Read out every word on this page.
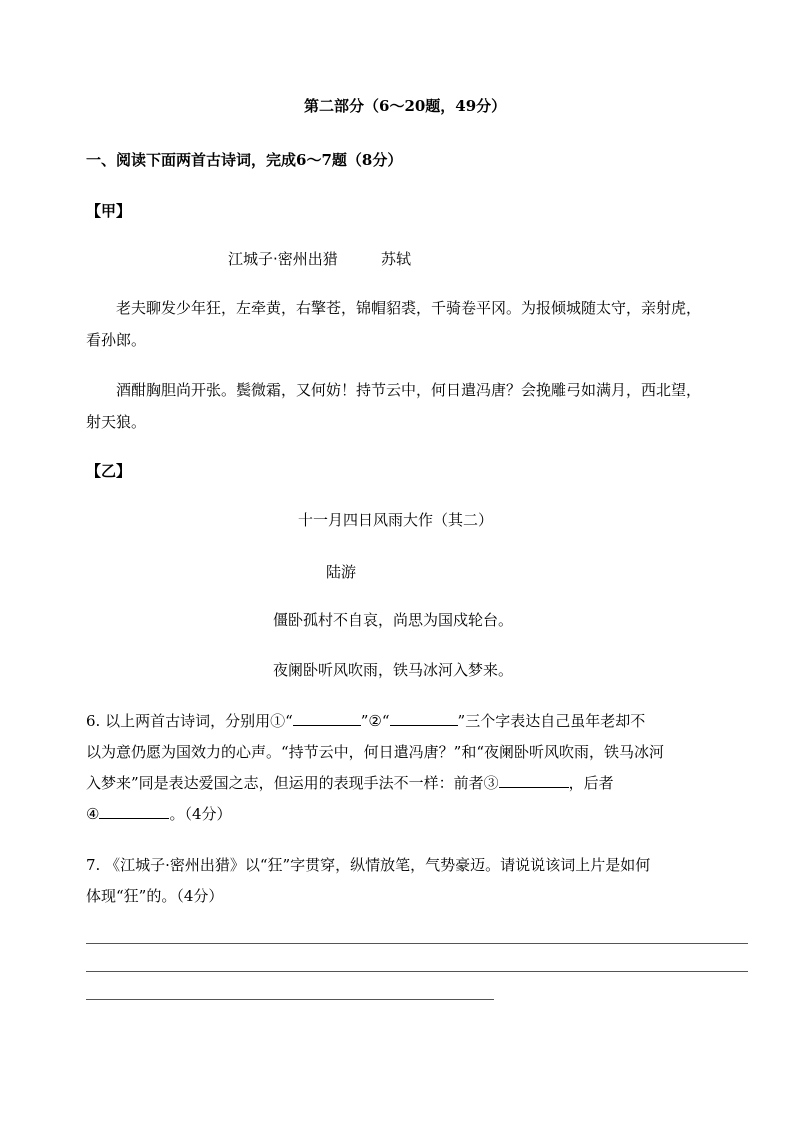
第二部分（6～20题，49分）
一、阅读下面两首古诗词，完成6～7题（8分）
【甲】
江城子·密州出猎	苏轼
老夫聊发少年狂，左牵黄，右擎苍，锦帽貂裘，千骑卷平冈。为报倾城随太守，亲射虎，
看孙郎。
酒酣胸胆尚开张。鬓微霜，又何妨！持节云中，何日遣冯唐？会挽雕弓如满月，西北望，
射天狼。
【乙】
十一月四日风雨大作（其二）
陆游
僵卧孤村不自哀，尚思为国戍轮台。
夜阑卧听风吹雨，铁马冰河入梦来。
6. 以上两首古诗词，分别用①“	”②“	”三个字表达自己虽年老却不
以为意仍愿为国效力的心声。“持节云中，何日遣冯唐？”和“夜阑卧听风吹雨，铁马冰河
入梦来”同是表达爱国之志，但运用的表现手法不一样：前者③	，后者
④	。（4分）
7. 《江城子·密州出猎》以“狂”字贯穿，纵情放笔，气势豪迈。请说说该词上片是如何
体现“狂”的。（4分）
